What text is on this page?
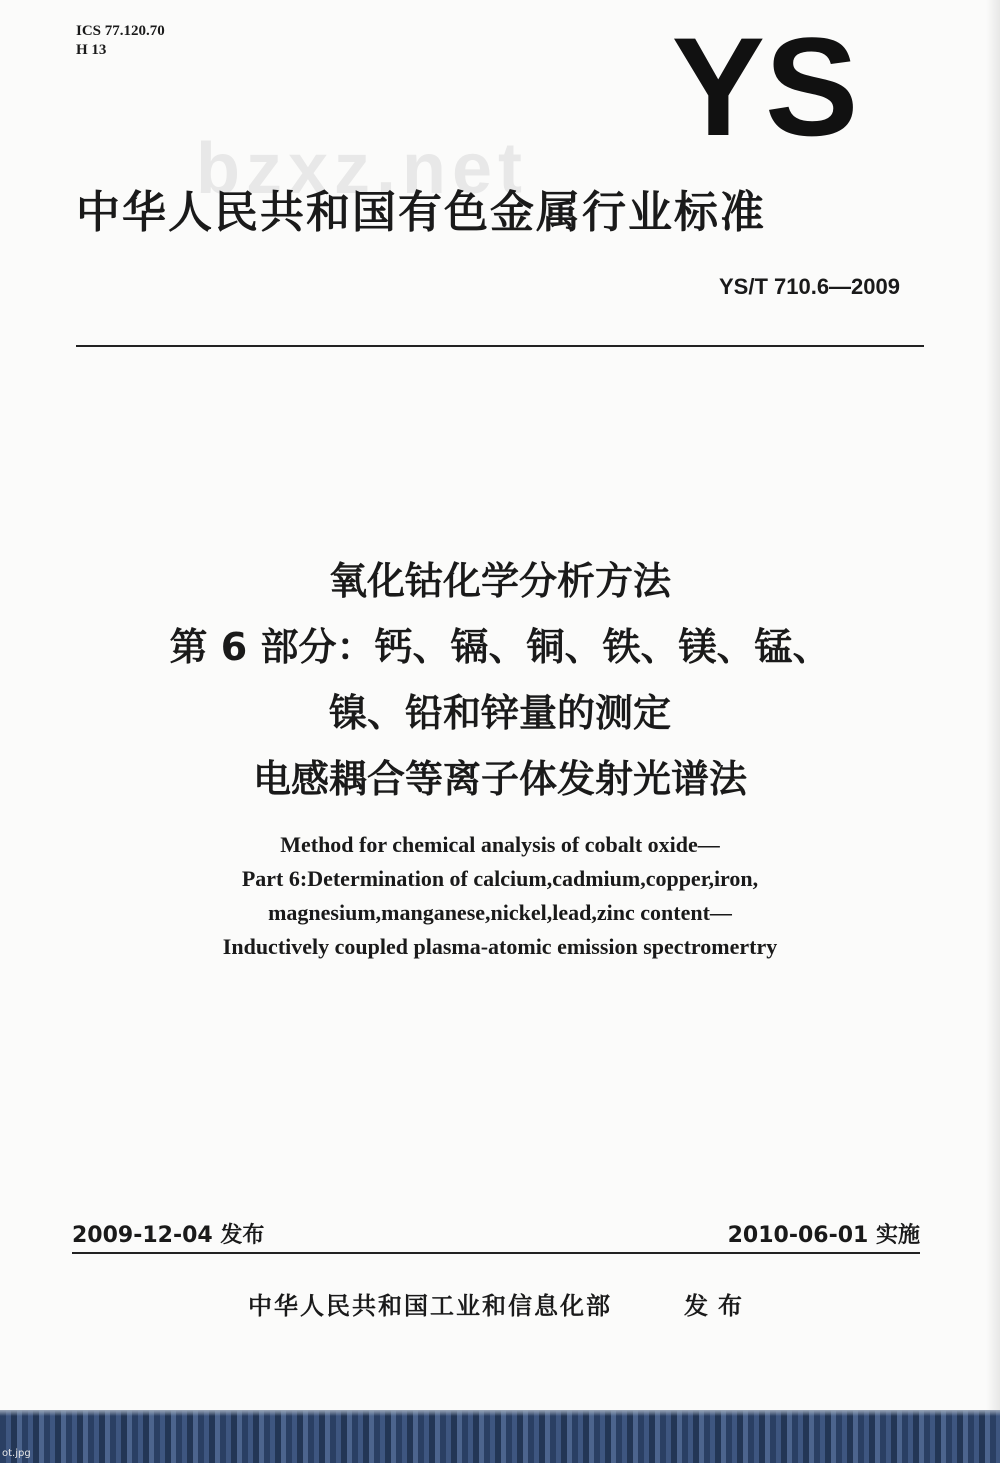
ICS 77.120.70
H 13	YS
bzxz.net
中华人民共和国有色金属行业标准
YS/T 710.6—2009
氧化钴化学分析方法
第 6 部分：钙、镉、铜、铁、镁、锰、
镍、铅和锌量的测定
电感耦合等离子体发射光谱法
Method for chemical analysis of cobalt oxide—
Part 6:Determination of calcium,cadmium,copper,iron,
magnesium,manganese,nickel,lead,zinc content—
Inductively coupled plasma-atomic emission spectromertry
2009-12-04 发布	2010-06-01 实施
中华人民共和国工业和信息化部	发布
ot.jpg
